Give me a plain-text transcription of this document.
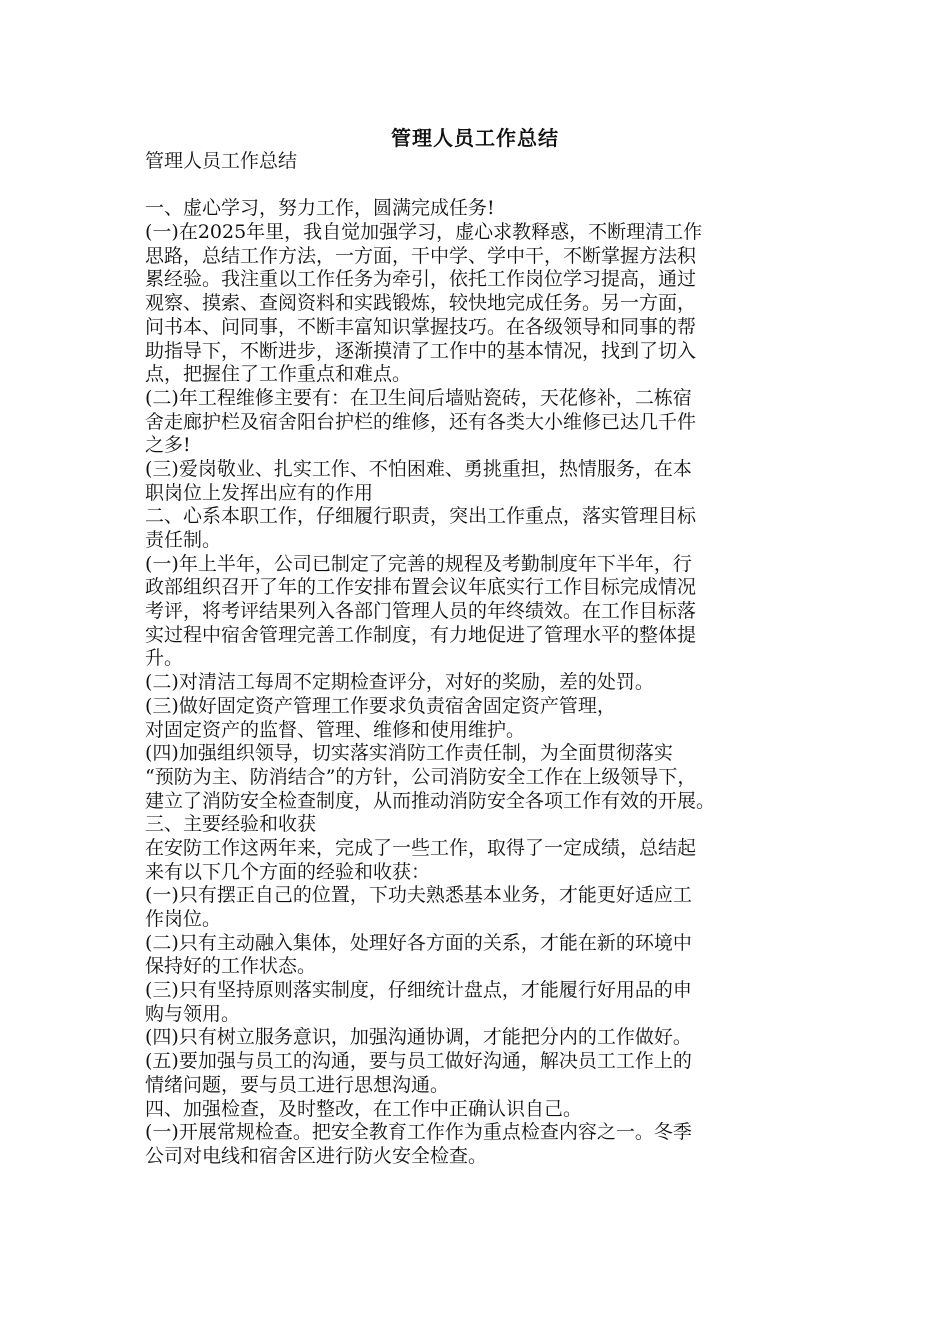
管理人员工作总结
管理人员工作总结
一、虚心学习，努力工作，圆满完成任务!
(一)在2025年里，我自觉加强学习，虚心求教释惑，不断理清工作
思路，总结工作方法，一方面，干中学、学中干，不断掌握方法积
累经验。我注重以工作任务为牵引，依托工作岗位学习提高，通过
观察、摸索、查阅资料和实践锻炼，较快地完成任务。另一方面，
问书本、问同事，不断丰富知识掌握技巧。在各级领导和同事的帮
助指导下，不断进步，逐渐摸清了工作中的基本情况，找到了切入
点，把握住了工作重点和难点。
(二)年工程维修主要有：在卫生间后墙贴瓷砖，天花修补，二栋宿
舍走廊护栏及宿舍阳台护栏的维修，还有各类大小维修已达几千件
之多!
(三)爱岗敬业、扎实工作、不怕困难、勇挑重担，热情服务，在本
职岗位上发挥出应有的作用
二、心系本职工作，仔细履行职责，突出工作重点，落实管理目标
责任制。
(一)年上半年，公司已制定了完善的规程及考勤制度年下半年，行
政部组织召开了年的工作安排布置会议年底实行工作目标完成情况
考评，将考评结果列入各部门管理人员的年终绩效。在工作目标落
实过程中宿舍管理完善工作制度，有力地促进了管理水平的整体提
升。
(二)对清洁工每周不定期检查评分，对好的奖励，差的处罚。
(三)做好固定资产管理工作要求负责宿舍固定资产管理，
对固定资产的监督、管理、维修和使用维护。
(四)加强组织领导，切实落实消防工作责任制，为全面贯彻落实
“预防为主、防消结合”的方针，公司消防安全工作在上级领导下，
建立了消防安全检查制度，从而推动消防安全各项工作有效的开展。
三、主要经验和收获
在安防工作这两年来，完成了一些工作，取得了一定成绩，总结起
来有以下几个方面的经验和收获：
(一)只有摆正自己的位置，下功夫熟悉基本业务，才能更好适应工
作岗位。
(二)只有主动融入集体，处理好各方面的关系，才能在新的环境中
保持好的工作状态。
(三)只有坚持原则落实制度，仔细统计盘点，才能履行好用品的申
购与领用。
(四)只有树立服务意识，加强沟通协调，才能把分内的工作做好。
(五)要加强与员工的沟通，要与员工做好沟通，解决员工工作上的
情绪问题，要与员工进行思想沟通。
四、加强检查，及时整改，在工作中正确认识自己。
(一)开展常规检查。把安全教育工作作为重点检查内容之一。冬季
公司对电线和宿舍区进行防火安全检查。
